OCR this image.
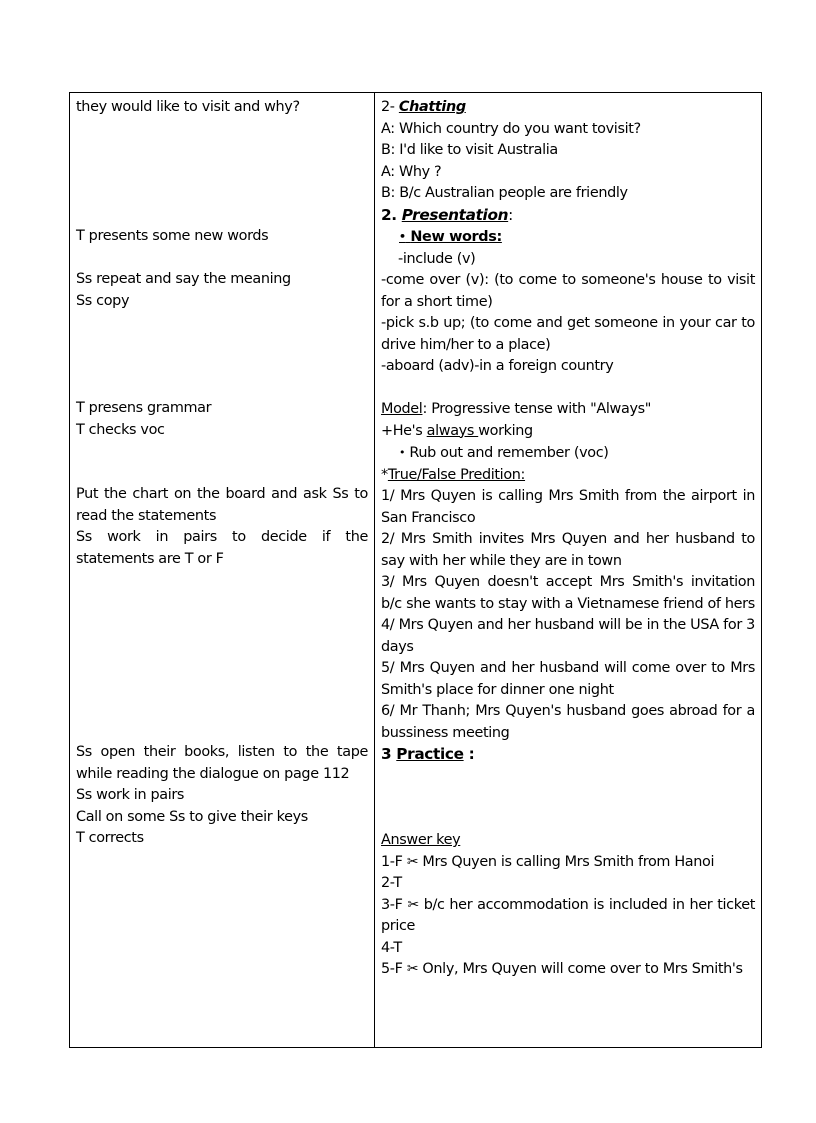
they would like to visit and why?

T presents some new words

Ss repeat and say the meaning

Ss copy

T presens grammar

T checks voc

Put the chart on the board and ask Ss to read the statements

Ss work in pairs to decide if the statements are T or F

Ss open their books, listen to the tape while reading the dialogue on page 112

Ss work in pairs

Call on some Ss to give their keys

T corrects

2- Chatting

A: Which country do you want tovisit?

B: I'd like to visit Australia

A: Why ?

B: B/c Australian people are friendly

2. Presentation:

• New words:

-include (v)

-come over (v): (to come to someone's house to visit for a short time)

-pick s.b up; (to come and get someone in your car to drive him/her to a place)

-aboard (adv)-in a foreign country

Model: Progressive tense with "Always"

+He's always working

• Rub out and remember (voc)

*True/False Predition:

1/ Mrs Quyen is calling Mrs Smith from the airport in San Francisco

2/ Mrs Smith invites Mrs Quyen and her husband to say with her while they are in town

3/ Mrs Quyen doesn't accept Mrs Smith's invitation b/c she wants to stay with a Vietnamese friend of hers

4/ Mrs Quyen and her husband will be in the USA for 3 days

5/ Mrs Quyen and her husband will come over to Mrs Smith's place for dinner one night

6/ Mr Thanh; Mrs Quyen's husband goes abroad for a bussiness meeting

3 Practice :

Answer key

1-F ✂ Mrs Quyen is calling Mrs Smith from Hanoi

2-T

3-F ✂ b/c her accommodation is included in her ticket price

4-T

5-F ✂ Only, Mrs Quyen will come over to Mrs Smith's
